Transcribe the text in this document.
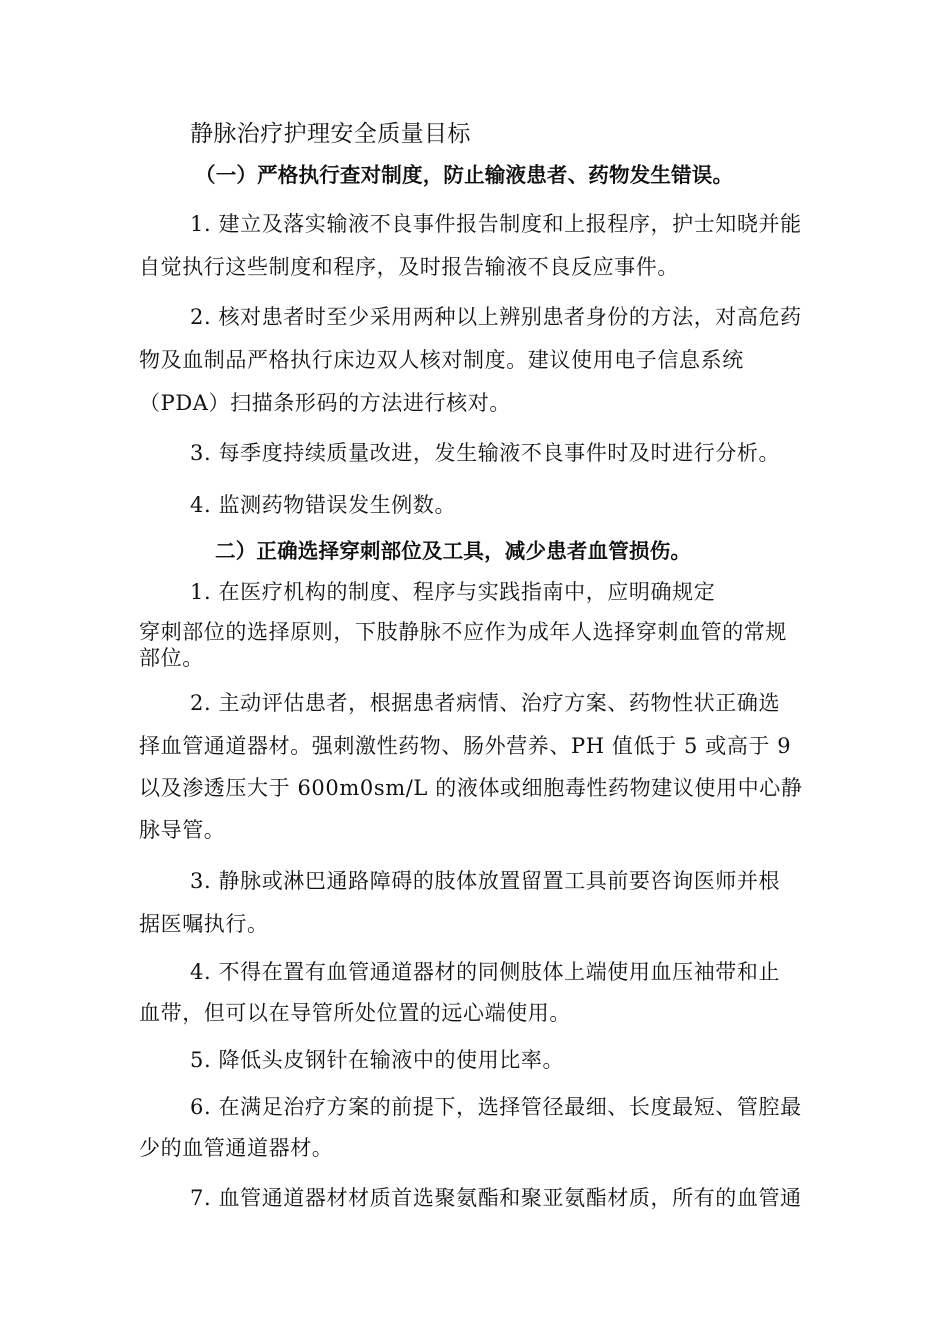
静脉治疗护理安全质量目标
（一）严格执行查对制度，防止输液患者、药物发生错误。
1. 建立及落实输液不良事件报告制度和上报程序，护士知晓并能
自觉执行这些制度和程序，及时报告输液不良反应事件。
2. 核对患者时至少采用两种以上辨别患者身份的方法，对高危药
物及血制品严格执行床边双人核对制度。建议使用电子信息系统
（PDA）扫描条形码的方法进行核对。
3. 每季度持续质量改进，发生输液不良事件时及时进行分析。
4. 监测药物错误发生例数。
二）正确选择穿刺部位及工具，减少患者血管损伤。
1. 在医疗机构的制度、程序与实践指南中，应明确规定
穿刺部位的选择原则，下肢静脉不应作为成年人选择穿刺血管的常规
部位。
2. 主动评估患者，根据患者病情、治疗方案、药物性状正确选
择血管通道器材。强刺激性药物、肠外营养、PH 值低于 5 或高于 9
以及渗透压大于 600m0sm/L 的液体或细胞毒性药物建议使用中心静
脉导管。
3. 静脉或淋巴通路障碍的肢体放置留置工具前要咨询医师并根
据医嘱执行。
4. 不得在置有血管通道器材的同侧肢体上端使用血压袖带和止
血带，但可以在导管所处位置的远心端使用。
5. 降低头皮钢针在输液中的使用比率。
6. 在满足治疗方案的前提下，选择管径最细、长度最短、管腔最
少的血管通道器材。
7. 血管通道器材材质首选聚氨酯和聚亚氨酯材质，所有的血管通
